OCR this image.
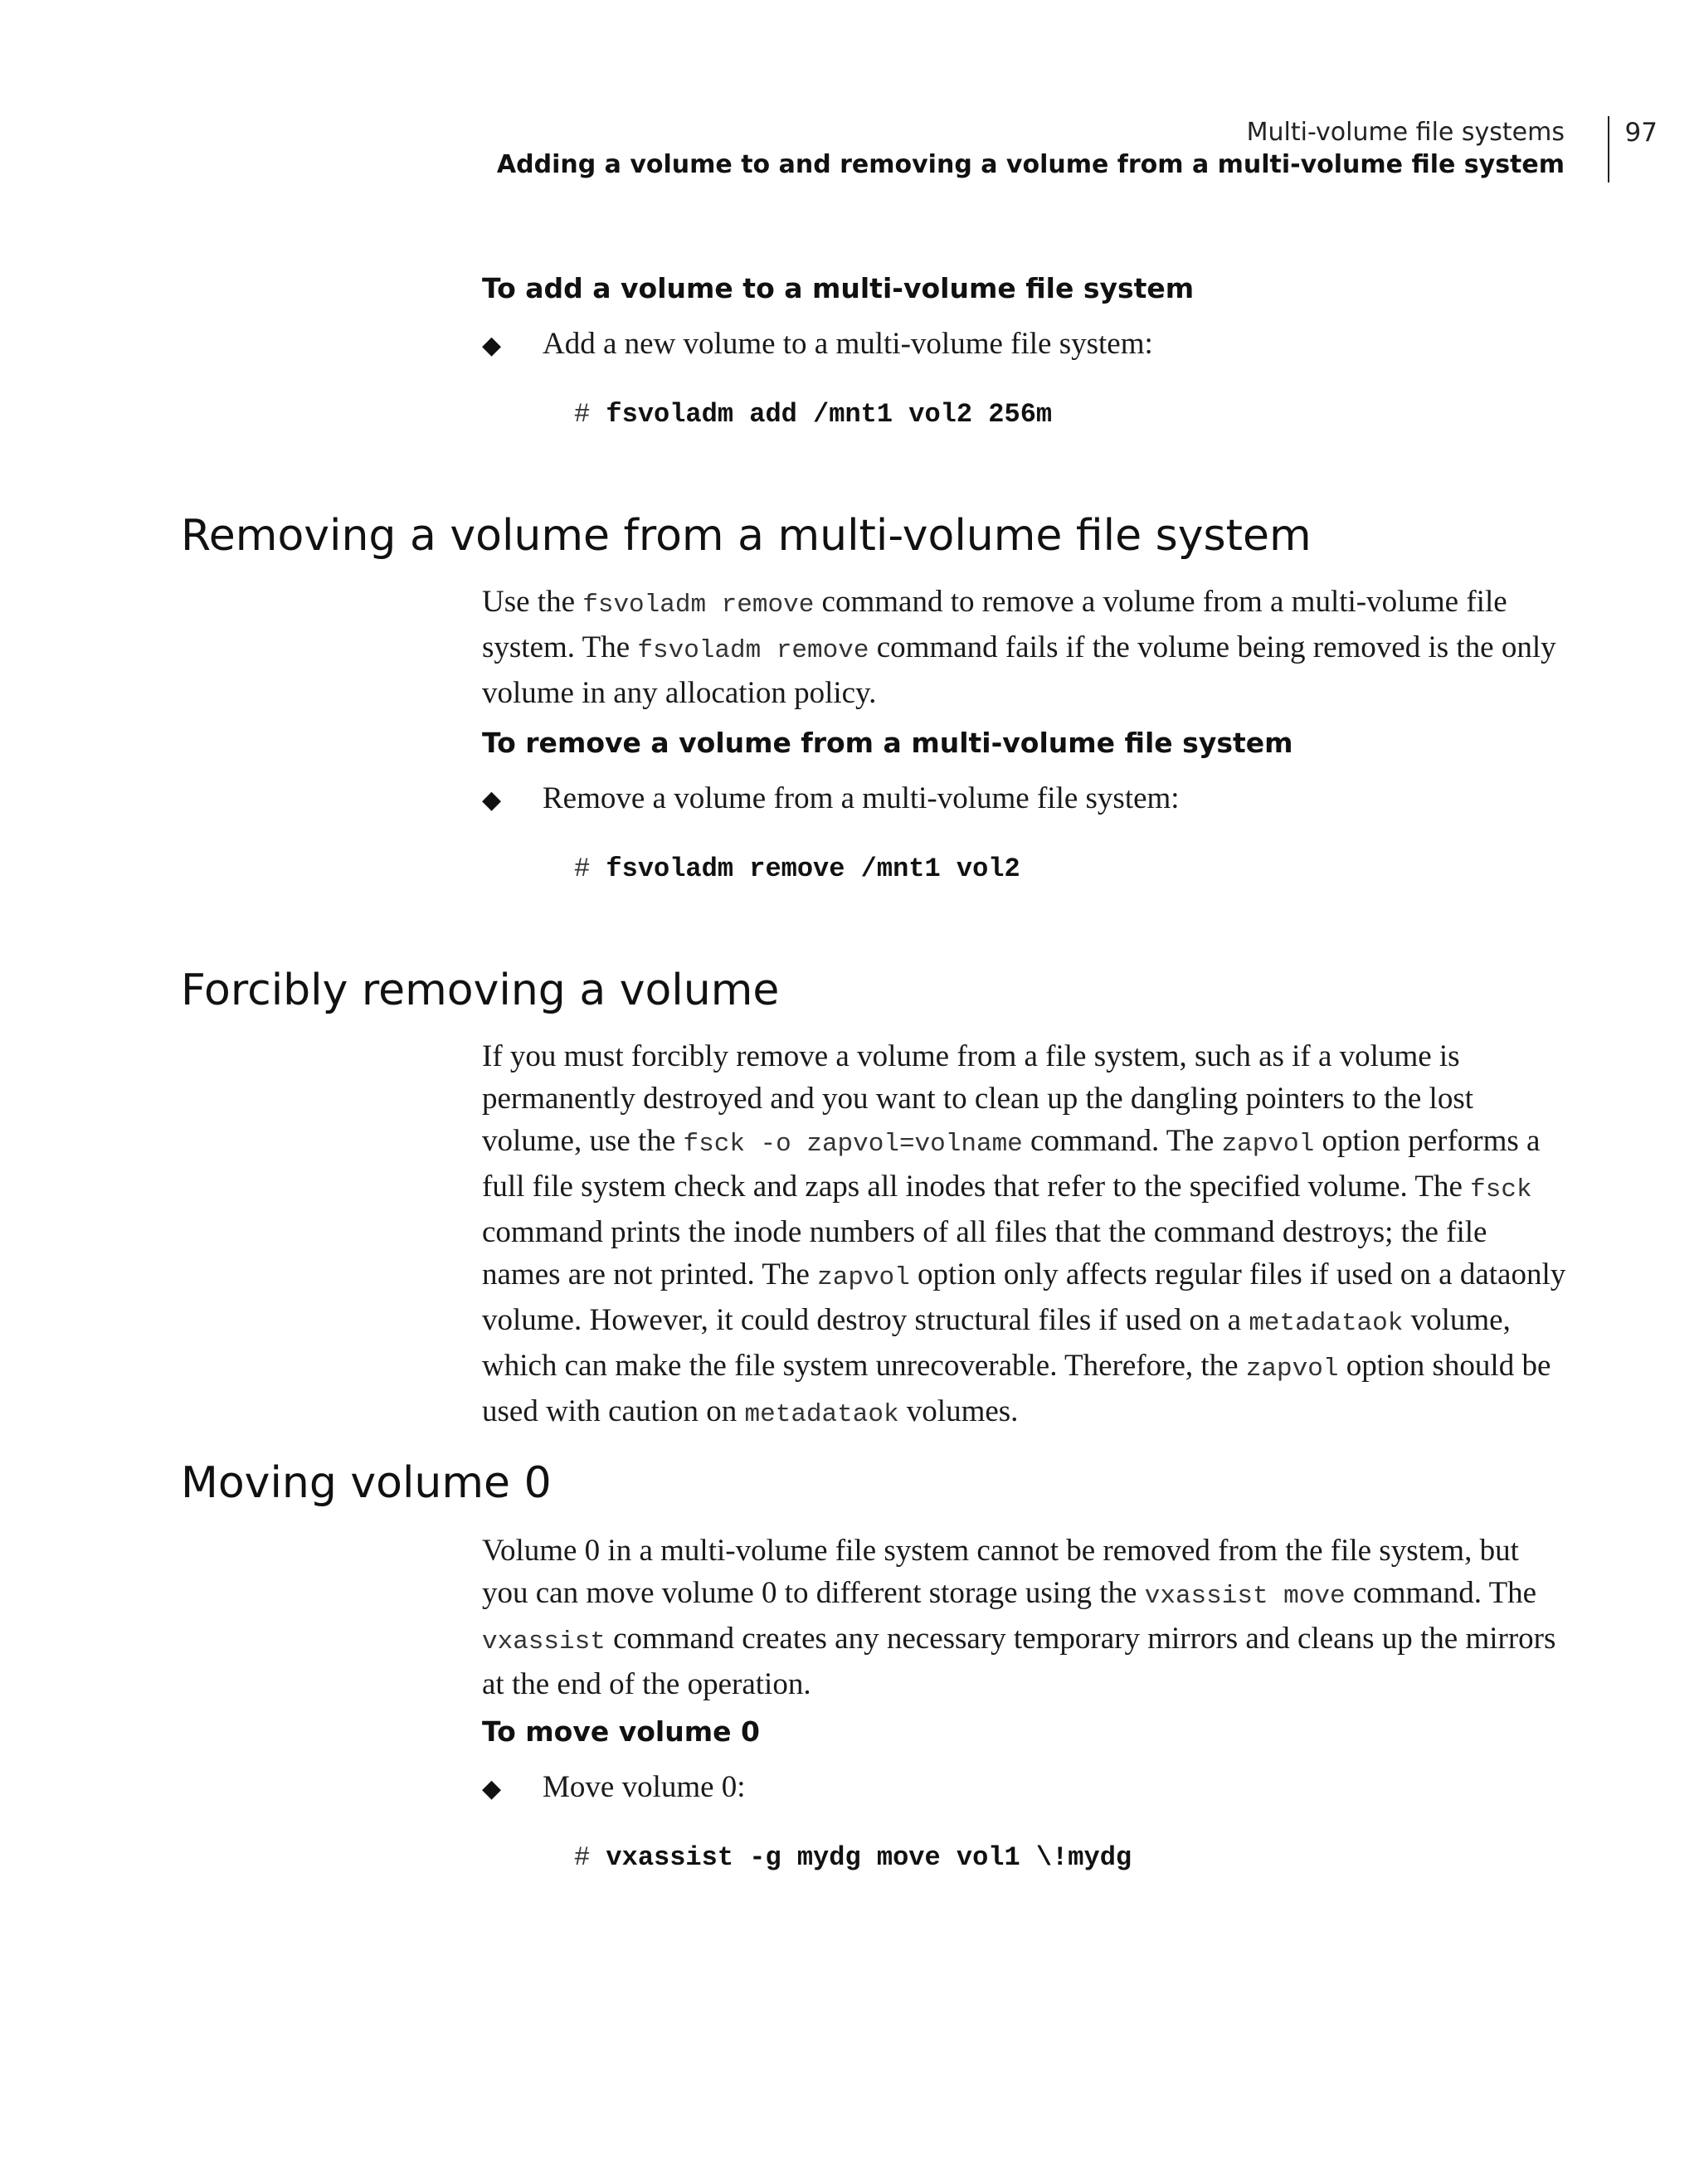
Multi-volume file systems
Adding a volume to and removing a volume from a multi-volume file system
97
To add a volume to a multi-volume file system
◆	Add a new volume to a multi-volume file system:
# fsvoladm add /mnt1 vol2 256m
Removing a volume from a multi-volume file system

Use the fsvoladm remove command to remove a volume from a multi-volume file system. The fsvoladm remove command fails if the volume being removed is the only volume in any allocation policy.

To remove a volume from a multi-volume file system
◆	Remove a volume from a multi-volume file system:
# fsvoladm remove /mnt1 vol2
Forcibly removing a volume

If you must forcibly remove a volume from a file system, such as if a volume is permanently destroyed and you want to clean up the dangling pointers to the lost volume, use the fsck -o zapvol=volname command. The zapvol option performs a full file system check and zaps all inodes that refer to the specified volume. The fsck command prints the inode numbers of all files that the command destroys; the file names are not printed. The zapvol option only affects regular files if used on a dataonly volume. However, it could destroy structural files if used on a metadataok volume, which can make the file system unrecoverable. Therefore, the zapvol option should be used with caution on metadataok volumes.

Moving volume 0

Volume 0 in a multi-volume file system cannot be removed from the file system, but you can move volume 0 to different storage using the vxassist move command. The vxassist command creates any necessary temporary mirrors and cleans up the mirrors at the end of the operation.

To move volume 0
◆	Move volume 0:
# vxassist -g mydg move vol1 \!mydg
